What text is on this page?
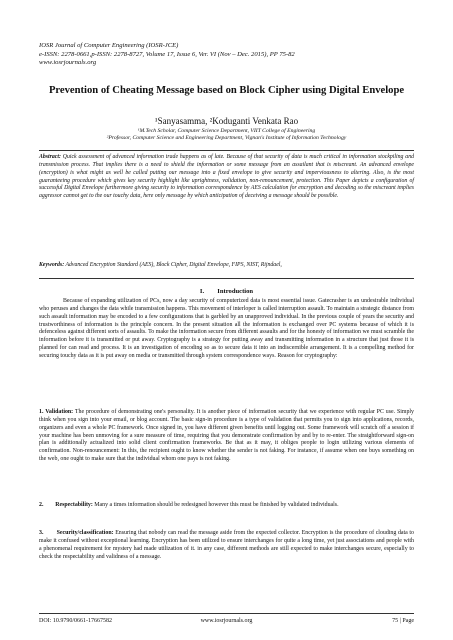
IOSR Journal of Computer Engineering (IOSR-JCE)
e-ISSN: 2278-0661,p-ISSN: 2278-8727, Volume 17, Issue 6, Ver. VI (Nov – Dec. 2015), PP 75-82
www.iosrjournals.org
Prevention of Cheating Message based on Block Cipher using Digital Envelope
¹Sanyasamma, ²Koduganti Venkata Rao
¹M.Tech Scholar, Computer Science Department, VIIT College of Engineering
²Professor, Computer Science and Engineering Department, Vignan's Institute of Information Technology
Abstract: Quick assessment of advanced information trade happens as of late. Because of that security of data is much critical in information stockpiling and transmission process. That implies there is a need to shield the information or some message from an assailant that is miscreant. An advanced envelope (encryption) is what might as well be called putting our message into a fixed envelope to give security and imperviousness to altering. Also, is the most guaranteeing procedure which gives key security highlight like uprightness, validation, non-renouncement, protection. This Paper depicts a configuration of successful Digital Envelope furthermore giving security to information correspondence by AES calculation for encryption and decoding so the miscreant implies aggressor cannot get to the our touchy data, here only message by which anticipation of deceiving a message should be possible.
Keywords: Advanced Encryption Standard (AES), Block Cipher, Digital Envelope, FIPS, NIST, Rijndael,
I. Introduction
Because of expanding utilization of PCs, now a day security of computerized data is most essential issue. Gatecrasher is an undesirable individual who peruses and changes the data while transmission happens. This movement of interloper is called interruption assault. To maintain a strategic distance from such assault information may be encoded to a few configurations that is garbled by an unapproved individual. In the previous couple of years the security and trustworthiness of information is the principle concern. In the present situation all the information is exchanged over PC systems because of which it is defenceless against different sorts of assaults. To make the information secure from different assaults and for the honesty of information we must scramble the information before it is transmitted or put away. Cryptography is a strategy for putting away and transmitting information in a structure that just those it is planned for can read and process. It is an investigation of encoding so as to secure data it into an indiscernible arrangement. It is a compelling method for securing touchy data as it is put away on media or transmitted through system correspondence ways. Reason for cryptography:
1. Validation: The procedure of demonstrating one's personality. It is another piece of information security that we experience with regular PC use. Simply think when you sign into your email, or blog account. The basic sign-in procedure is a type of validation that permits you to sign into applications, records, organizers and even a whole PC framework. Once signed in, you have different given benefits until logging out. Some framework will scratch off a session if your machine has been unmoving for a sure measure of time, requiring that you demonstrate confirmation by and by to re-enter. The straightforward sign-on plan is additionally actualized into solid client confirmation frameworks. Be that as it may, it obliges people to login utilizing various elements of confirmation. Non-renouncement: In this, the recipient ought to know whether the sender is not faking. For instance, if assume when one buys something on the web, one ought to make sure that the individual whom one pays is not faking.
2.        Respectability: Many a times information should be redesigned however this must be finished by validated individuals.
3.        Security/classification: Ensuring that nobody can read the message aside from the expected collector. Encryption is the procedure of clouding data to make it confused without exceptional learning. Encryption has been utilized to ensure interchanges for quite a long time, yet just associations and people with a phenomenal requirement for mystery had made utilization of it. in any case, different methods are still expected to make interchanges secure, especially to check the respectability and validness of a message.
DOI: 10.9790/0661-17667582	www.iosrjournals.org	75 | Page
